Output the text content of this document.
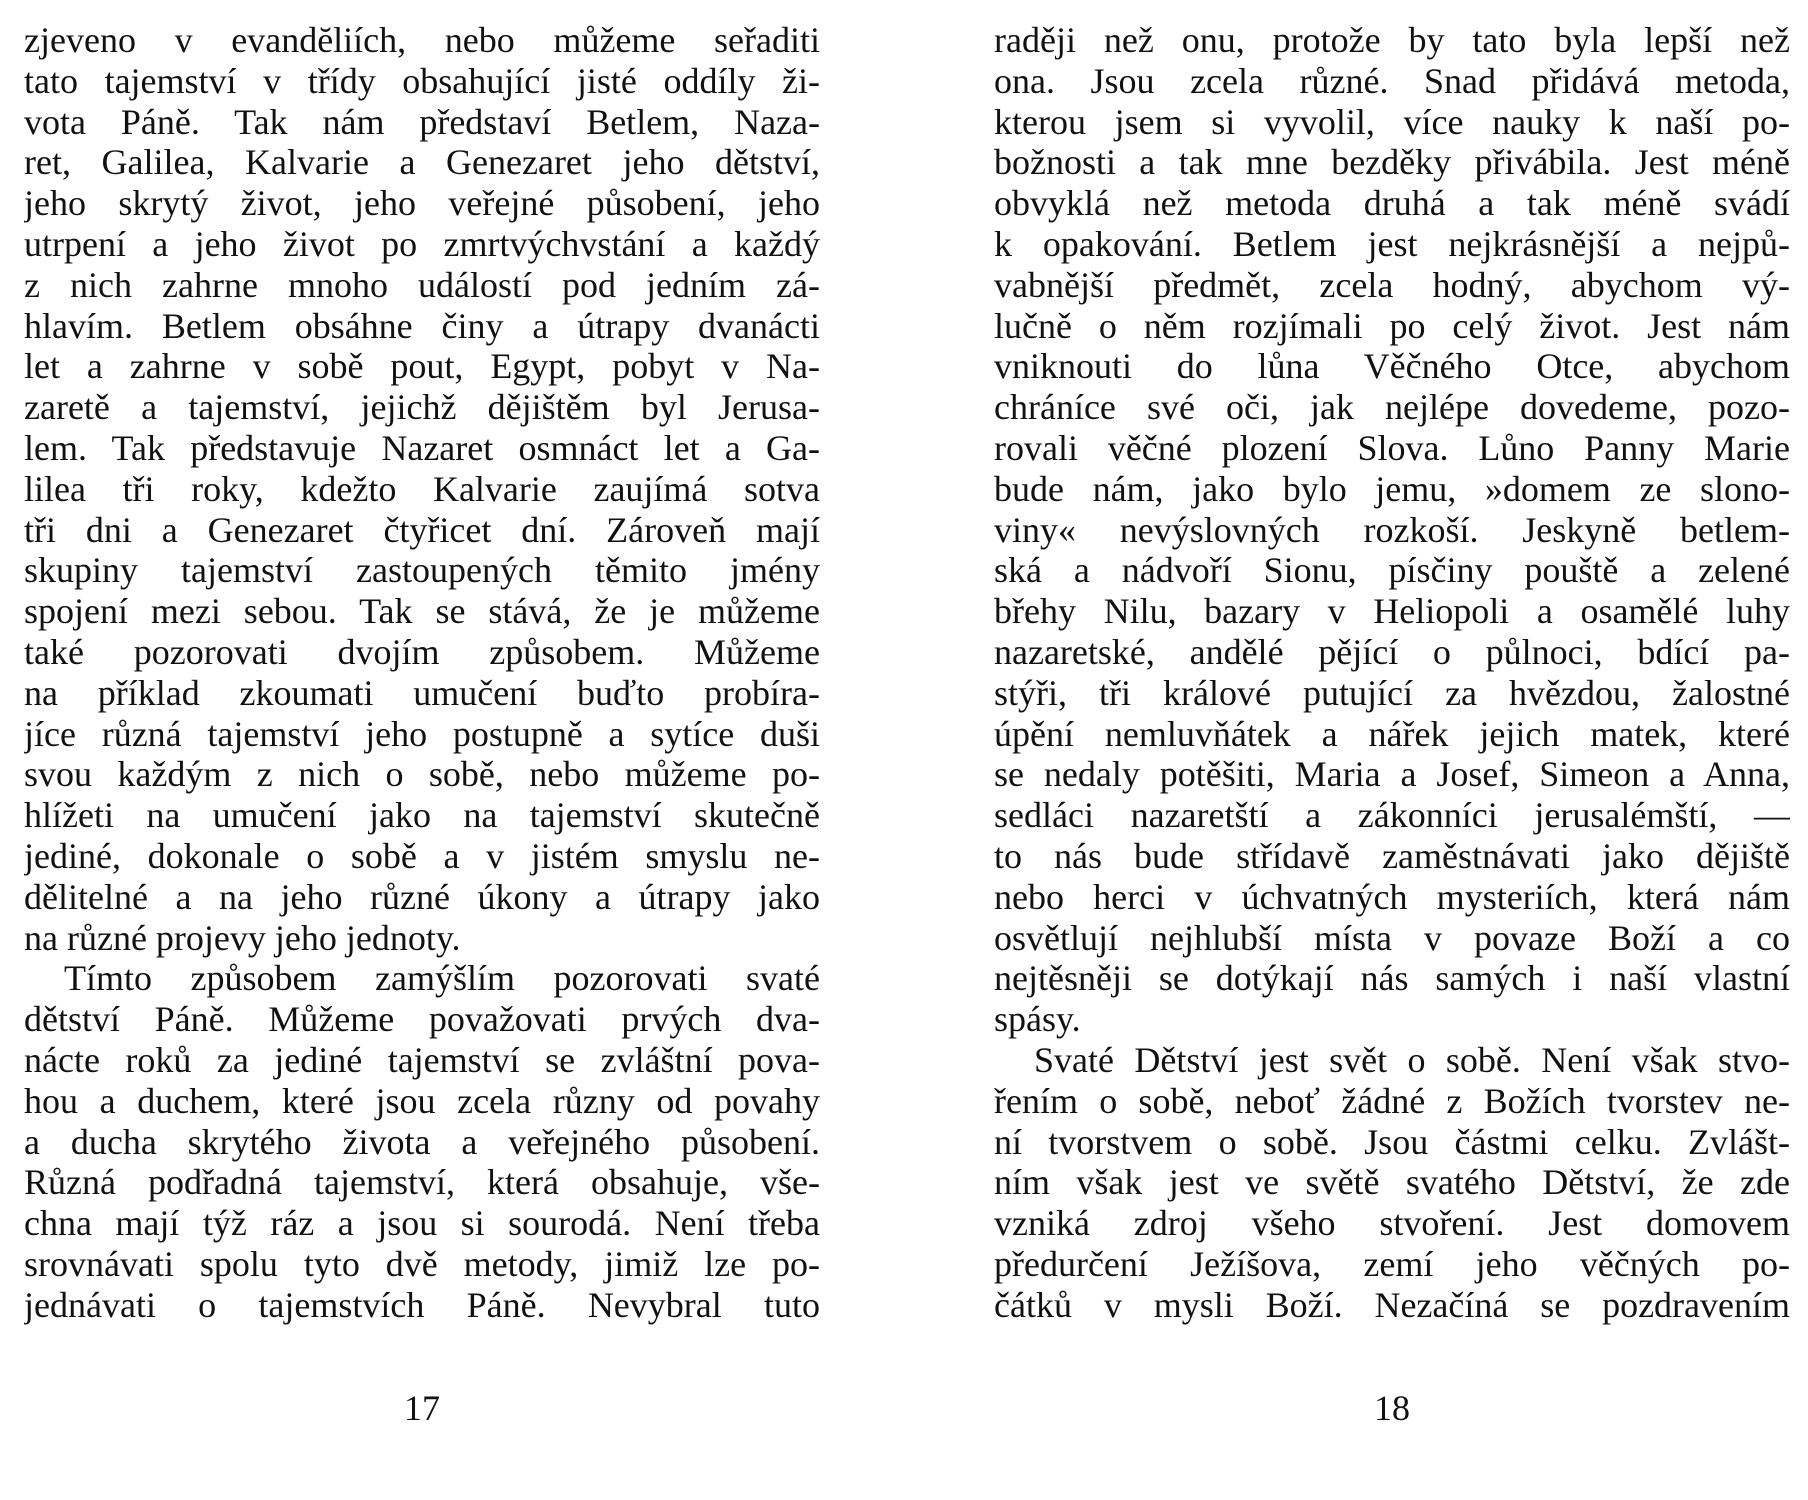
zjeveno v evandĕliích, nebo můžeme seřaditi
tato tajemství v třídy obsahující jisté oddíly ži-
vota Páně. Tak nám představí Betlem, Naza-
ret, Galilea, Kalvarie a Genezaret jeho dětství,
jeho skrytý život, jeho veřejné působení, jeho
utrpení a jeho život po zmrtvýchvstání a každý
z nich zahrne mnoho událostí pod jedním zá-
hlavím. Betlem obsáhne činy a útrapy dvanácti
let a zahrne v sobě pout, Egypt, pobyt v Na-
zaretě a tajemství, jejichž dějištěm byl Jerusa-
lem. Tak představuje Nazaret osmnáct let a Ga-
lilea tři roky, kdežto Kalvarie zaujímá sotva
tři dni a Genezaret čtyřicet dní. Zároveň mají
skupiny tajemství zastoupených těmito jmény
spojení mezi sebou. Tak se stává, že je můžeme
také pozorovati dvojím způsobem. Můžeme
na příklad zkoumati umučení buďto probíra-
jíce různá tajemství jeho postupně a sytíce duši
svou každým z nich o sobě, nebo můžeme po-
hlížeti na umučení jako na tajemství skutečně
jediné, dokonale o sobě a v jistém smyslu ne-
dělitelné a na jeho různé úkony a útrapy jako
na různé projevy jeho jednoty.
Tímto způsobem zamýšlím pozorovati svaté
dětství Páně. Můžeme považovati prvých dva-
nácte roků za jediné tajemství se zvláštní pova-
hou a duchem, které jsou zcela různy od povahy
a ducha skrytého života a veřejného působení.
Různá podřadná tajemství, která obsahuje, vše-
chna mají týž ráz a jsou si sourodá. Není třeba
srovnávati spolu tyto dvě metody, jimiž lze po-
jednávati o tajemstvích Páně. Nevybral tuto
17
raději než onu, protože by tato byla lepší než
ona. Jsou zcela různé. Snad přidává metoda,
kterou jsem si vyvolil, více nauky k naší po-
božnosti a tak mne bezděky přivábila. Jest méně
obvyklá než metoda druhá a tak méně svádí
k opakování. Betlem jest nejkrásnější a nejpů-
vabnější předmět, zcela hodný, abychom vý-
lučně o něm rozjímali po celý život. Jest nám
vniknouti do lůna Věčného Otce, abychom
chráníce své oči, jak nejlépe dovedeme, pozo-
rovali věčné plození Slova. Lůno Panny Marie
bude nám, jako bylo jemu, »domem ze slono-
viny« nevýslovných rozkoší. Jeskyně betlem-
ská a nádvoří Sionu, písčiny pouště a zelené
břehy Nilu, bazary v Heliopoli a osamělé luhy
nazaretské, andělé pějící o půlnoci, bdící pa-
stýři, tři králové putující za hvězdou, žalostné
úpění nemluvňátek a nářek jejich matek, které
se nedaly potěšiti, Maria a Josef, Simeon a Anna,
sedláci nazaretští a zákonníci jerusalémští, —
to nás bude střídavě zaměstnávati jako dějiště
nebo herci v úchvatných mysteriích, která nám
osvětlují nejhlubší místa v povaze Boží a co
nejtěsněji se dotýkají nás samých i naší vlastní
spásy.
Svaté Dětství jest svět o sobě. Není však stvo-
řením o sobě, neboť žádné z Božích tvorstev ne-
ní tvorstvem o sobě. Jsou částmi celku. Zvlášt-
ním však jest ve světě svatého Dětství, že zde
vzniká zdroj všeho stvoření. Jest domovem
předurčení Ježíšova, zemí jeho věčných po-
čátků v mysli Boží. Nezačíná se pozdravením
18
